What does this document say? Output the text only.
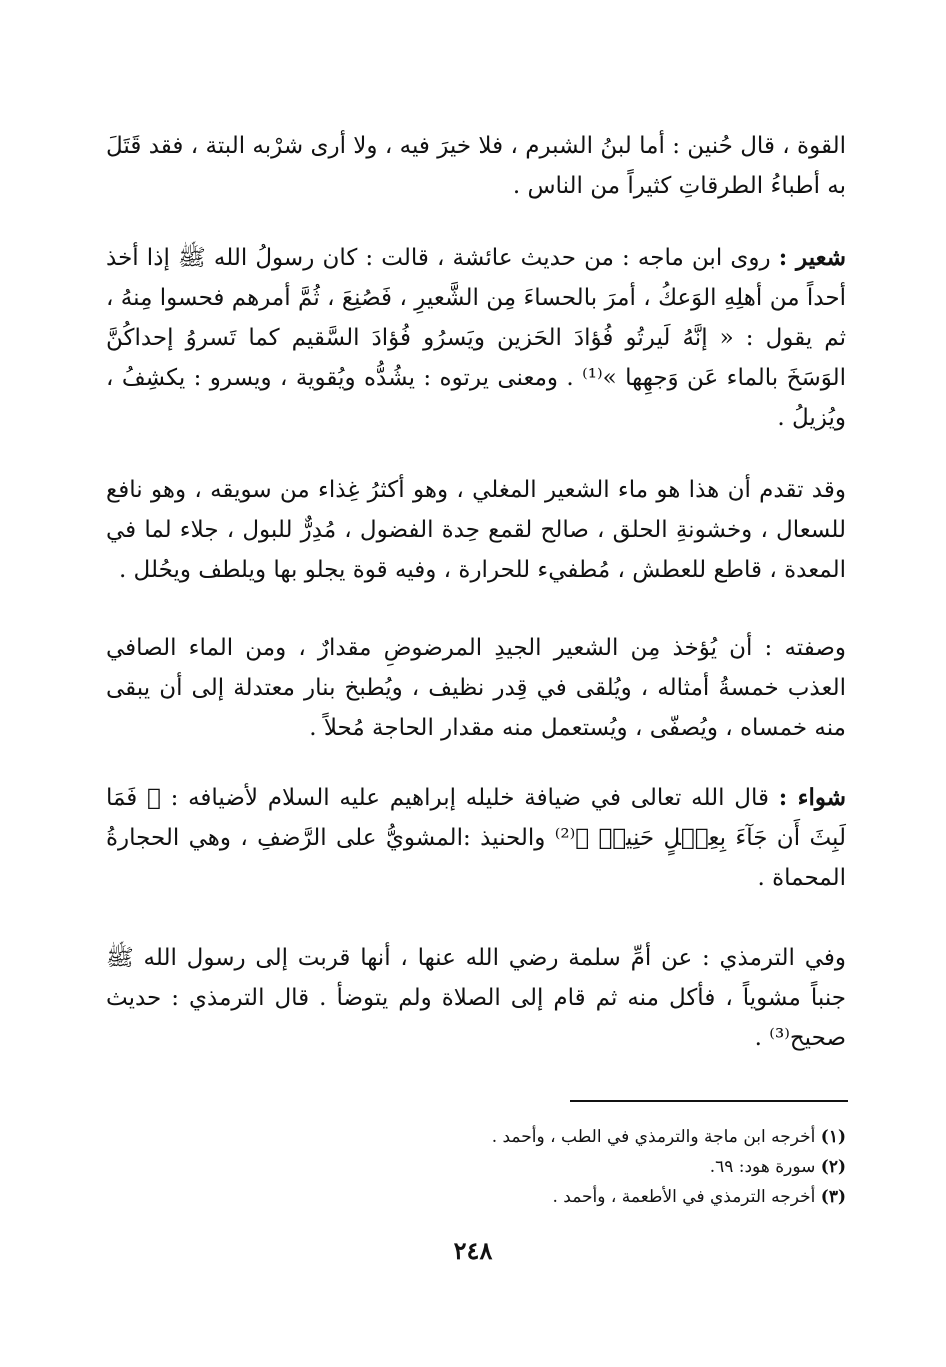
القوة ، قال حُنين : أما لبنُ الشبرم ، فلا خيرَ فيه ، ولا أرى شرْبه البتة ، فقد قَتَلَ به أطباءُ الطرقاتِ كثيراً من الناس .

شعير : روى ابن ماجه : من حديث عائشة ، قالت : كان رسولُ الله ﷺ إذا أخذ أحداً من أهلِهِ الوَعكُ ، أمرَ بالحساءَ مِن الشَّعيرِ ، فَصُنِعَ ، ثُمَّ أمرهم فحسوا مِنهُ ، ثم يقول : « إنَّهُ لَيرتُو فُؤادَ الحَزين ويَسرُو فُؤادَ السَّقيم كما تَسروُ إحداكُنَّ الوَسَخَ بالماء عَن وَجهِها »⁽¹⁾ . ومعنى يرتوه : يشُدُّه ويُقوية ، ويسرو : يكشِفُ ، ويُزيلُ .

وقد تقدم أن هذا هو ماء الشعير المغلي ، وهو أكثرُ غِذاء من سويقه ، وهو نافع للسعال ، وخشونةِ الحلق ، صالح لقمع حِدة الفضول ، مُدِرٌّ للبول ، جلاء لما في المعدة ، قاطع للعطش ، مُطفيء للحرارة ، وفيه قوة يجلو بها ويلطف ويحُلل .

وصفته : أن يُؤخذ مِن الشعير الجيدِ المرضوضِ مقدارٌ ، ومن الماء الصافي العذب خمسةُ أمثاله ، ويُلقى في قِدر نظيف ، ويُطبخ بنار معتدلة إلى أن يبقى منه خمساه ، ويُصفّى ، ويُستعمل منه مقدار الحاجة مُحلاً .

شواء : قال الله تعالى في ضيافة خليله إبراهيم عليه السلام لأضيافه : ﴿ فَمَا لَبِثَ أَن جَآءَ بِعِجۡلٍ حَنِيذٖ ﴾⁽²⁾ والحنيذ :المشويُّ على الرَّضفِ ، وهي الحجارةُ المحماة .

وفي الترمذي : عن أمِّ سلمة رضي الله عنها ، أنها قربت إلى رسول الله ﷺ جنباً مشوياً ، فأكل منه ثم قام إلى الصلاة ولم يتوضأ . قال الترمذي : حديث صحيح⁽³⁾ .

(١) أخرجه ابن ماجة والترمذي في الطب ، وأحمد .

(٢) سورة هود: ٦٩.

(٣) أخرجه الترمذي في الأطعمة ، وأحمد .

٢٤٨
